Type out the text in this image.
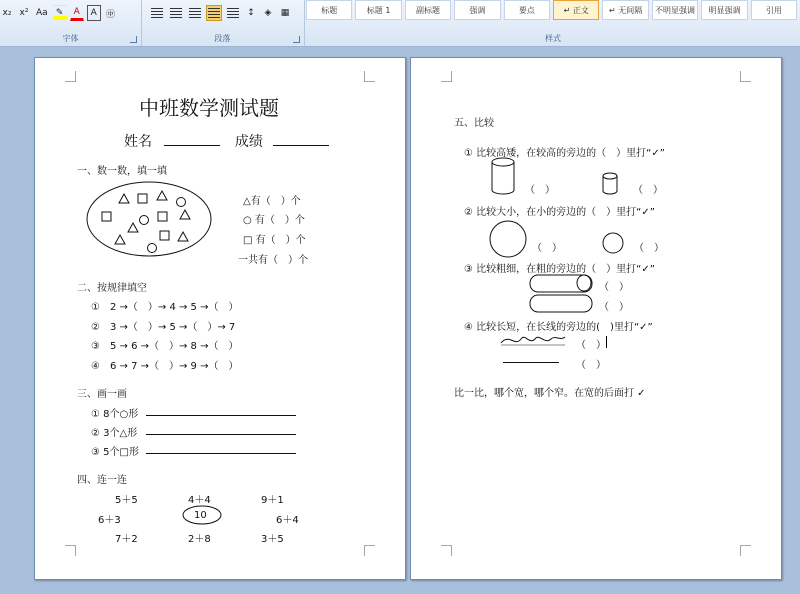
x₂ x² Aa ✎	A	A	㊥
字体
↕	◈	▦
段落
标题	标题 1	副标题	强调	要点	↵ 正文	↵ 无间隔	不明显强调	明显强调	引用
样式
中班数学测试题
姓名	成绩
一、数一数，填一填
△有（　）个
○ 有（　）个
□ 有（　）个
一共有（　）个
二、按规律填空
①　2 →（　）→ 4 → 5 →（　）
②　3 →（　）→ 5 →（　）→ 7
③　5 → 6 →（　）→ 8 →（　）
④　6 → 7 →（　）→ 9 →（　）
三、画一画
① 8个○形
② 3个△形
③ 5个□形
四、连一连
5＋5	4＋4	9＋1
6＋3	10	6＋4
7＋2	2＋8	3＋5
五、比较
① 比较高矮，在较高的旁边的（　）里打“✓”
（　）	（　）
② 比较大小，在小的旁边的（　）里打“✓”
（　）	（　）
③ 比较粗细，在粗的旁边的（　）里打“✓”
（　）
（　）
④ 比较长短，在长线的旁边的(　)里打“✓”
（　）
（　）
比一比，哪个宽，哪个窄。在宽的后面打 ✓
